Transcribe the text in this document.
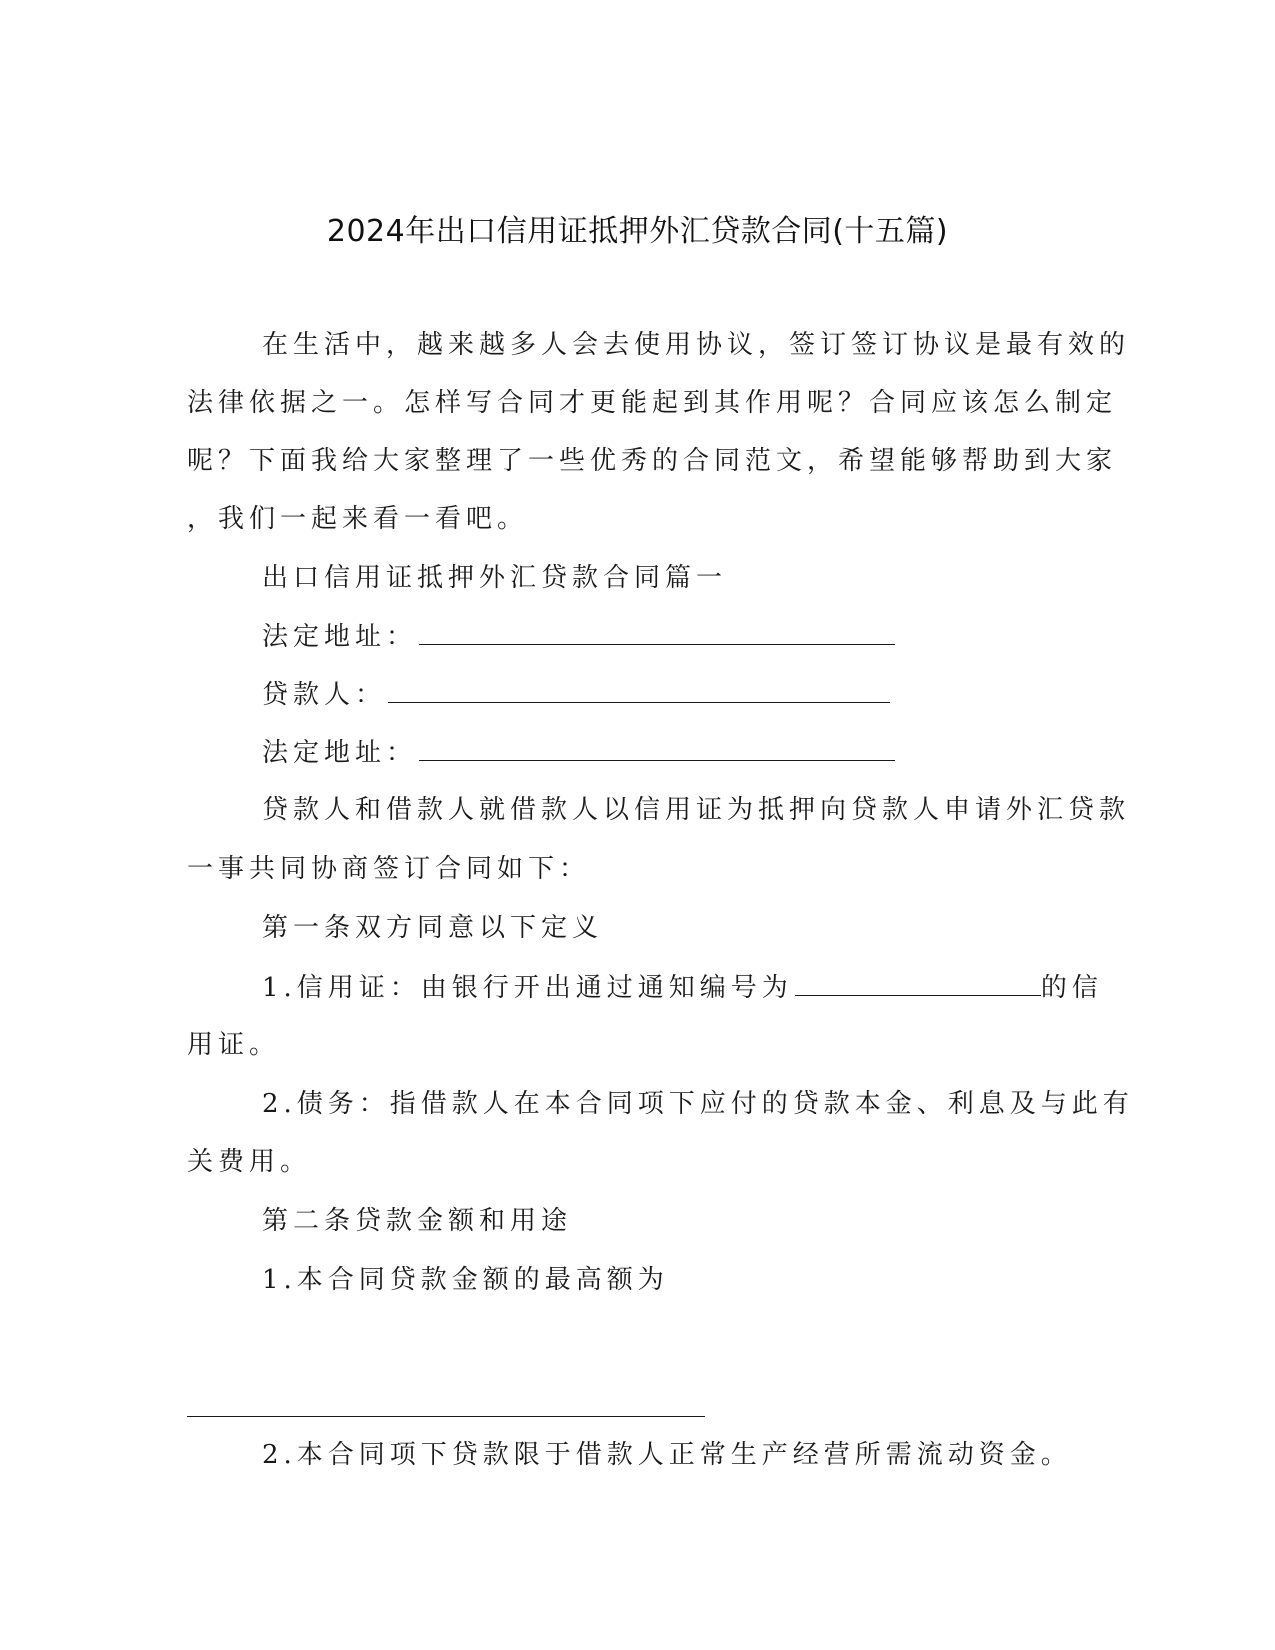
2024年出口信用证抵押外汇贷款合同(十五篇)

在生活中，越来越多人会去使用协议，签订签订协议是最有效的

法律依据之一。怎样写合同才更能起到其作用呢？合同应该怎么制定

呢？下面我给大家整理了一些优秀的合同范文，希望能够帮助到大家

，我们一起来看一看吧。

出口信用证抵押外汇贷款合同篇一

法定地址：

贷款人：

法定地址：

贷款人和借款人就借款人以信用证为抵押向贷款人申请外汇贷款

一事共同协商签订合同如下：

第一条双方同意以下定义

1.信用证：由银行开出通过通知编号为	的信

用证。

2.债务：指借款人在本合同项下应付的贷款本金、利息及与此有

关费用。

第二条贷款金额和用途

1.本合同贷款金额的最高额为

2.本合同项下贷款限于借款人正常生产经营所需流动资金。
